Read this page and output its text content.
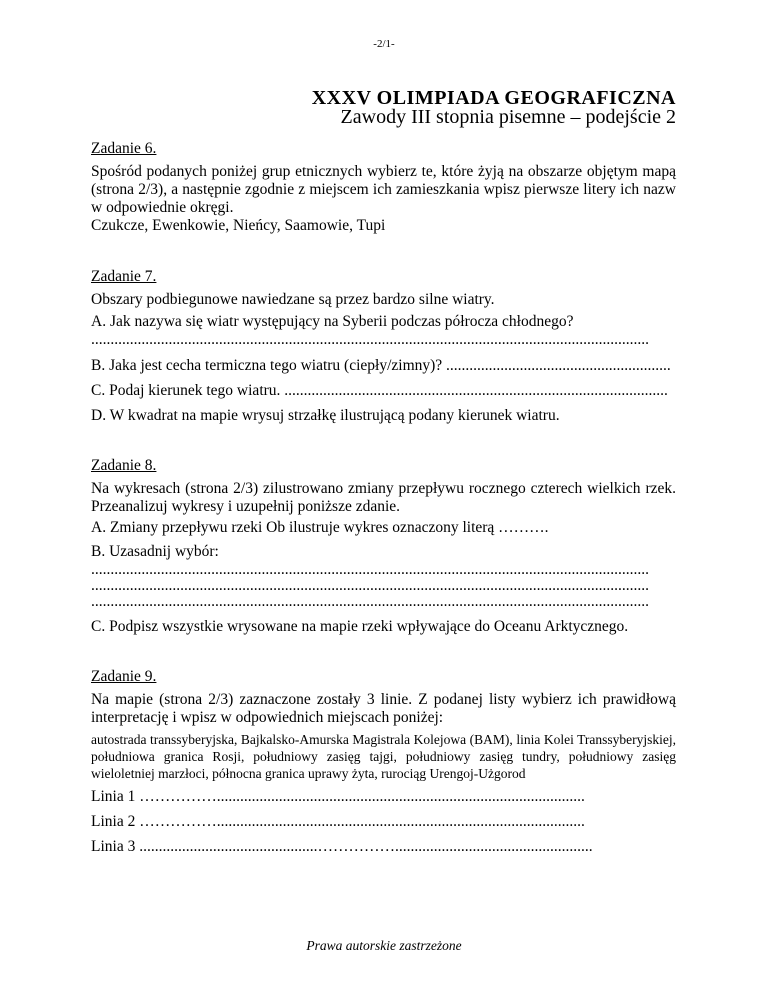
-2/1-
XXXV OLIMPIADA GEOGRAFICZNA
Zawody III stopnia pisemne – podejście 2
Zadanie 6.
Spośród podanych poniżej grup etnicznych wybierz te, które żyją na obszarze objętym mapą (strona 2/3), a następnie zgodnie z miejscem ich zamieszkania wpisz pierwsze litery ich nazw w odpowiednie okręgi.
Czukcze, Ewenkowie, Nieńcy, Saamowie, Tupi
Zadanie 7.
Obszary podbiegunowe nawiedzane są przez bardzo silne wiatry.
A. Jak nazywa się wiatr występujący na Syberii podczas półrocza chłodnego?
................................................................................................................................................
B. Jaka jest cecha termiczna tego wiatru (ciepły/zimny)? ..........................................................
C. Podaj kierunek tego wiatru. ...................................................................................................
D. W kwadrat na mapie wrysuj strzałkę ilustrującą podany kierunek wiatru.
Zadanie 8.
Na wykresach (strona 2/3) zilustrowano zmiany przepływu rocznego czterech wielkich rzek. Przeanalizuj wykresy i uzupełnij poniższe zdanie.
A. Zmiany przepływu rzeki Ob ilustruje wykres oznaczony literą ……….
B. Uzasadnij wybór:
................................................................................................................................................
................................................................................................................................................
................................................................................................................................................
C. Podpisz wszystkie wrysowane na mapie rzeki wpływające do Oceanu Arktycznego.
Zadanie 9.
Na mapie (strona 2/3) zaznaczone zostały 3 linie. Z podanej listy wybierz ich prawidłową interpretację i wpisz w odpowiednich miejscach poniżej:
autostrada transsyberyjska, Bajkalsko-Amurska Magistrala Kolejowa (BAM), linia Kolei Transsyberyjskiej, południowa granica Rosji, południowy zasięg tajgi, południowy zasięg tundry, południowy zasięg wieloletniej marzłoci, północna granica uprawy żyta, rurociąg Urengoj-Użgorod
Linia 1 ……………...............................................................................................
Linia 2 ……………...............................................................................................
Linia 3 ..............................................……………...................................................
Prawa autorskie zastrzeżone
